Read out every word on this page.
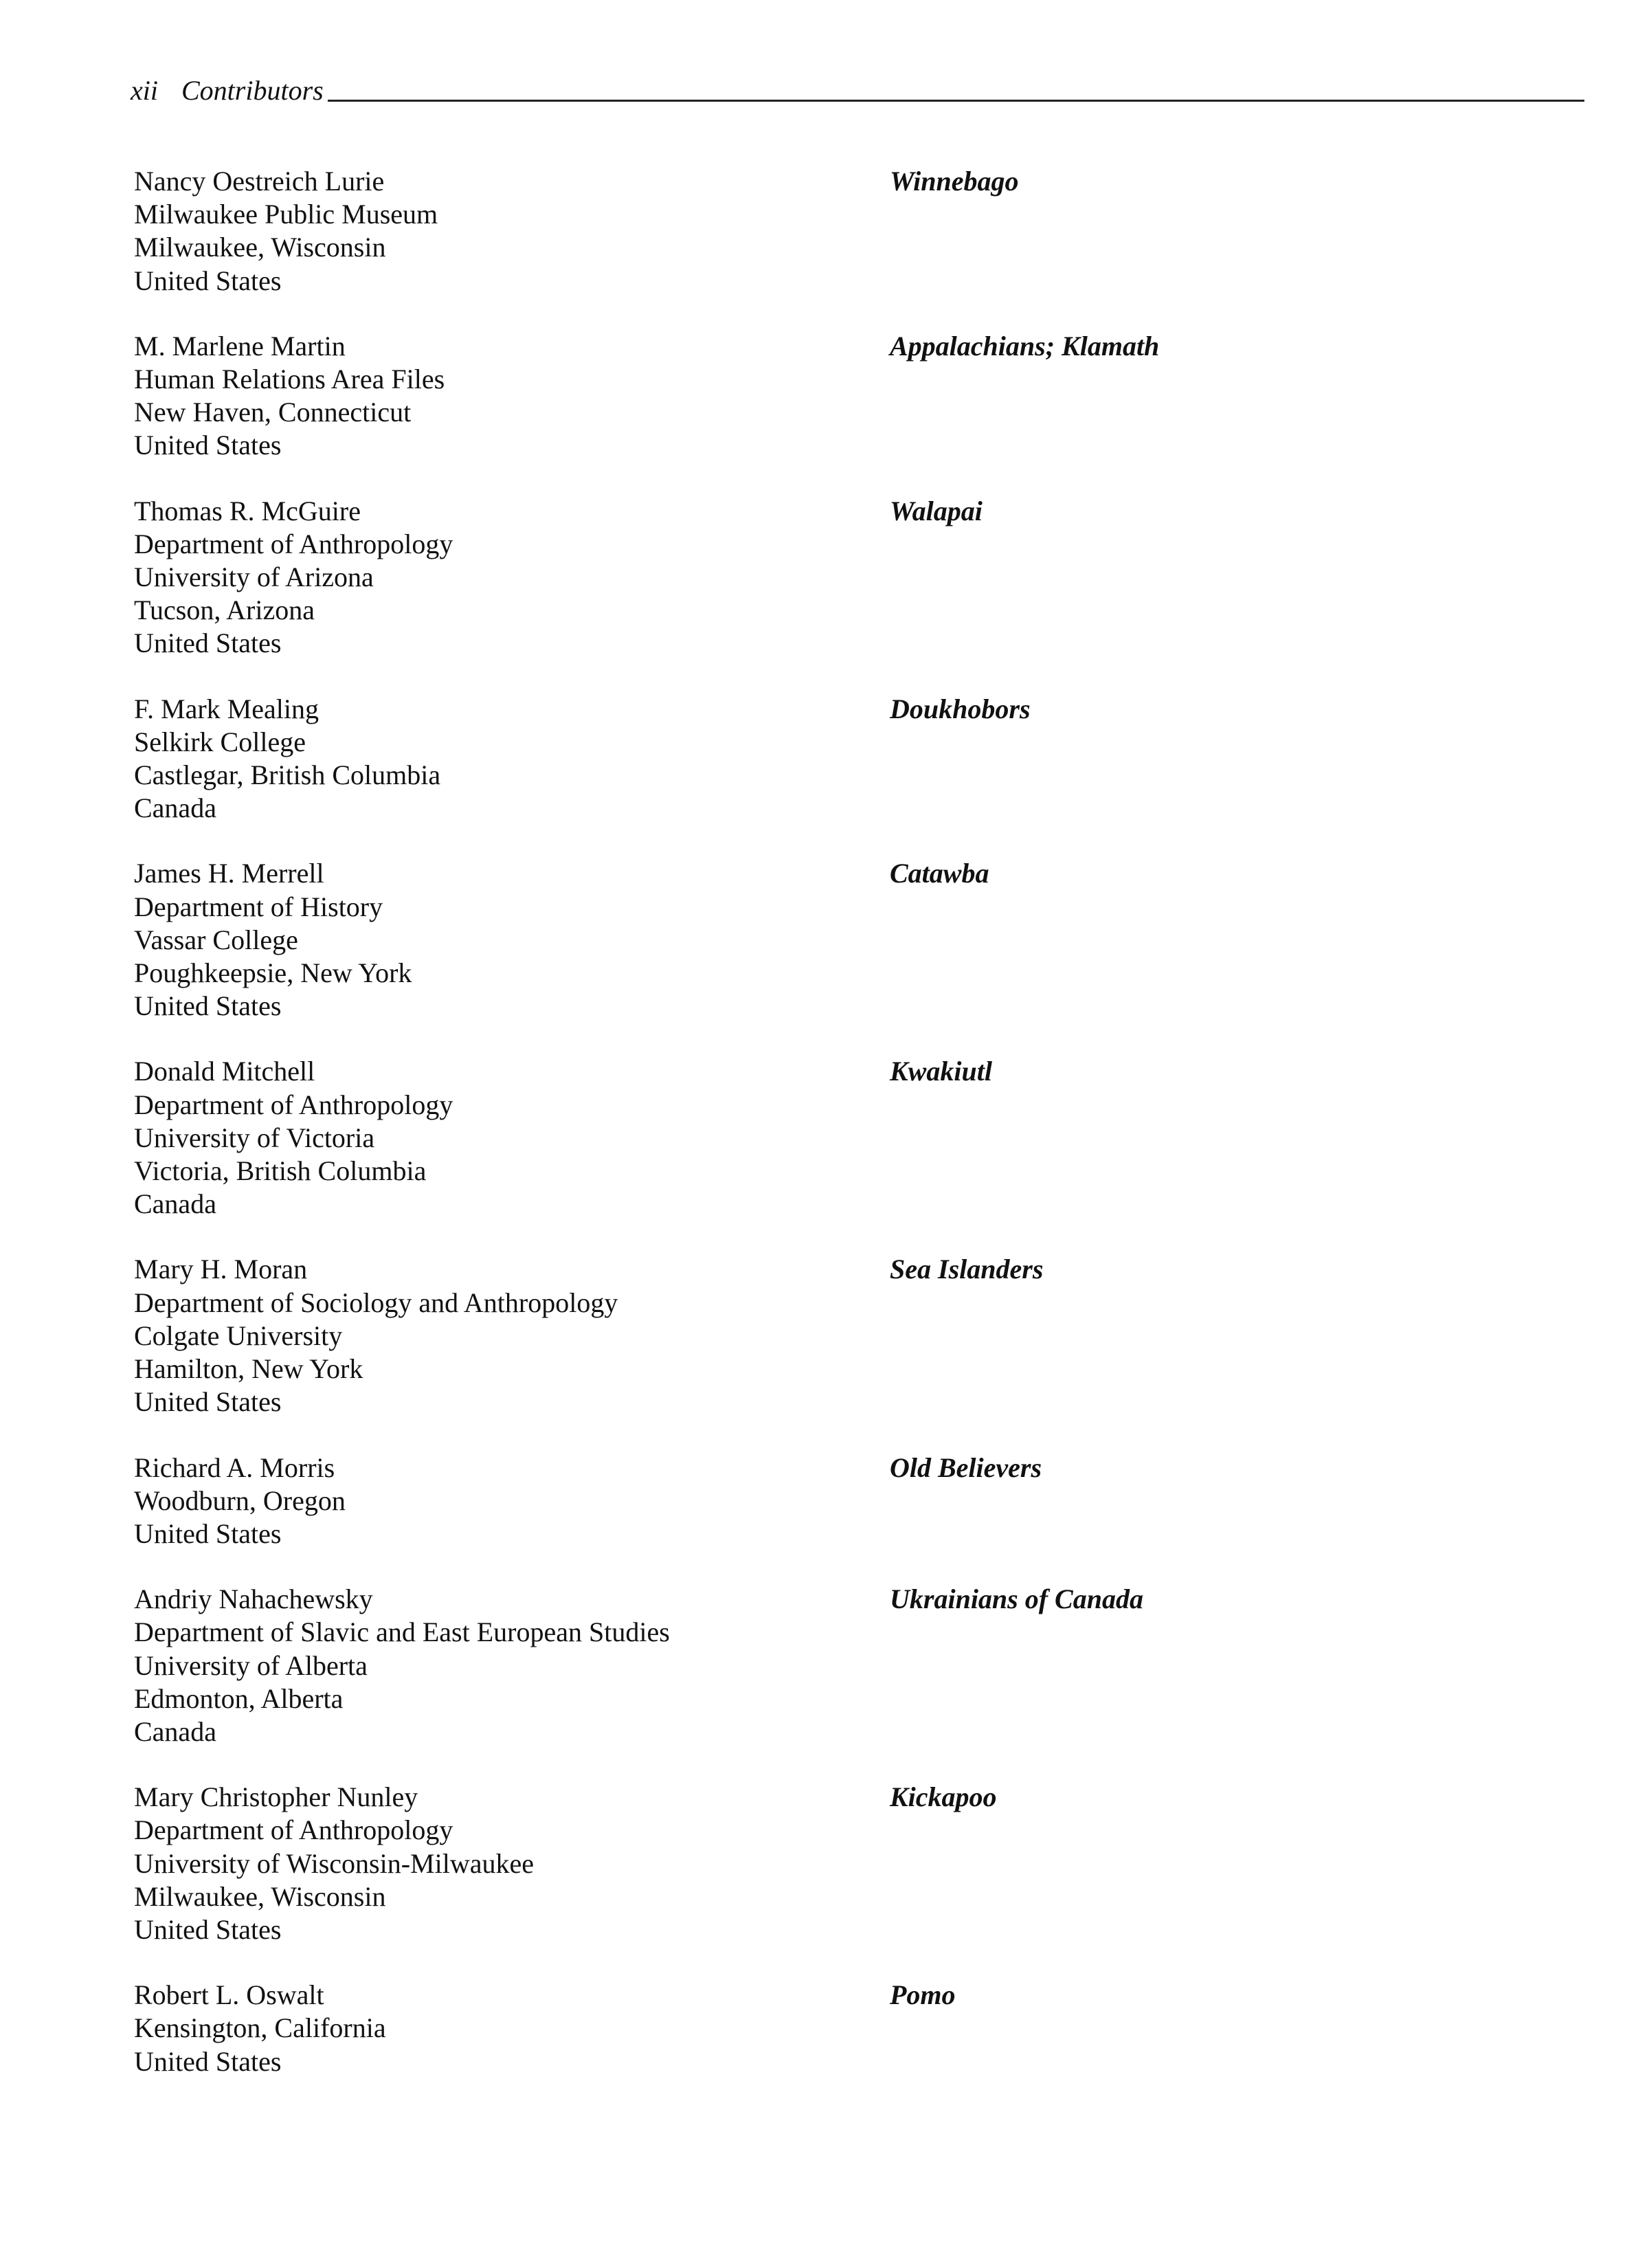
xii Contributors
Nancy Oestreich Lurie
Milwaukee Public Museum
Milwaukee, Wisconsin
United States
Winnebago
M. Marlene Martin
Human Relations Area Files
New Haven, Connecticut
United States
Appalachians; Klamath
Thomas R. McGuire
Department of Anthropology
University of Arizona
Tucson, Arizona
United States
Walapai
F. Mark Mealing
Selkirk College
Castlegar, British Columbia
Canada
Doukhobors
James H. Merrell
Department of History
Vassar College
Poughkeepsie, New York
United States
Catawba
Donald Mitchell
Department of Anthropology
University of Victoria
Victoria, British Columbia
Canada
Kwakiutl
Mary H. Moran
Department of Sociology and Anthropology
Colgate University
Hamilton, New York
United States
Sea Islanders
Richard A. Morris
Woodburn, Oregon
United States
Old Believers
Andriy Nahachewsky
Department of Slavic and East European Studies
University of Alberta
Edmonton, Alberta
Canada
Ukrainians of Canada
Mary Christopher Nunley
Department of Anthropology
University of Wisconsin-Milwaukee
Milwaukee, Wisconsin
United States
Kickapoo
Robert L. Oswalt
Kensington, California
United States
Pomo
